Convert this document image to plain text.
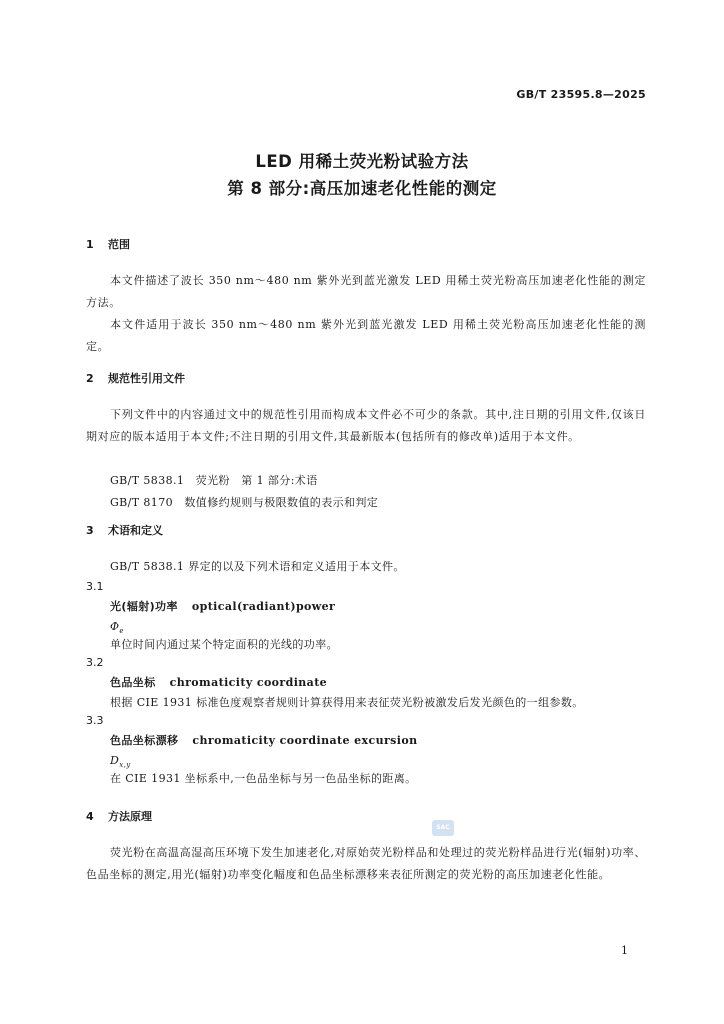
GB/T 23595.8—2025
LED 用稀土荧光粉试验方法
第 8 部分:高压加速老化性能的测定
1 范围
本文件描述了波长 350 nm～480 nm 紫外光到蓝光激发 LED 用稀土荧光粉高压加速老化性能的测定方法。
本文件适用于波长 350 nm～480 nm 紫外光到蓝光激发 LED 用稀土荧光粉高压加速老化性能的测定。
2 规范性引用文件
下列文件中的内容通过文中的规范性引用而构成本文件必不可少的条款。其中,注日期的引用文件,仅该日期对应的版本适用于本文件;不注日期的引用文件,其最新版本(包括所有的修改单)适用于本文件。
GB/T 5838.1　荧光粉　第 1 部分:术语
GB/T 8170　数值修约规则与极限数值的表示和判定
3 术语和定义
GB/T 5838.1 界定的以及下列术语和定义适用于本文件。
3.1
光(辐射)功率 optical(radiant)power
$\Phi_e$
单位时间内通过某个特定面积的光线的功率。
3.2
色品坐标 chromaticity coordinate
根据 CIE 1931 标准色度观察者规则计算获得用来表征荧光粉被激发后发光颜色的一组参数。
3.3
色品坐标漂移 chromaticity coordinate excursion
$D_{x,y}$
在 CIE 1931 坐标系中,一色品坐标与另一色品坐标的距离。
4 方法原理
SAC
荧光粉在高温高湿高压环境下发生加速老化,对原始荧光粉样品和处理过的荧光粉样品进行光(辐射)功率、色品坐标的测定,用光(辐射)功率变化幅度和色品坐标漂移来表征所测定的荧光粉的高压加速老化性能。
1
